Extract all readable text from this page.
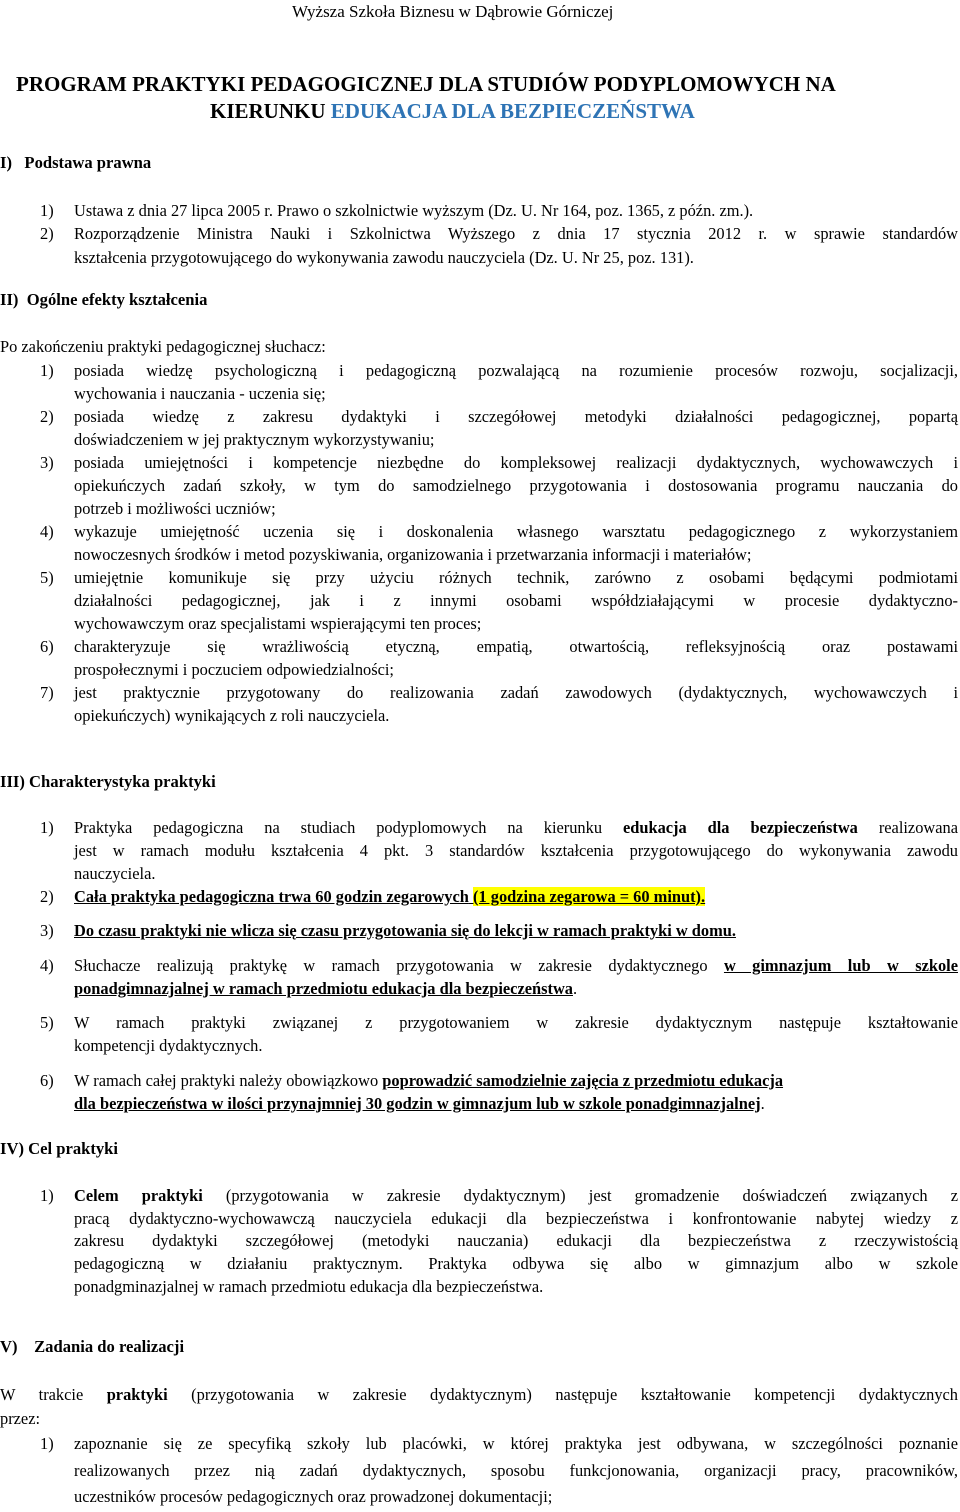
Wyższa Szkoła Biznesu w Dąbrowie Górniczej
PROGRAM PRAKTYKI PEDAGOGICZNEJ DLA STUDIÓW PODYPLOMOWYCH NA
KIERUNKU EDUKACJA DLA BEZPIECZEŃSTWA
I)   Podstawa prawna
1) Ustawa z dnia 27 lipca 2005 r. Prawo o szkolnictwie wyższym (Dz. U. Nr 164, poz. 1365, z późn. zm.).
2) Rozporządzenie Ministra Nauki i Szkolnictwa Wyższego z dnia 17 stycznia 2012 r. w sprawie standardów
kształcenia przygotowującego do wykonywania zawodu nauczyciela (Dz. U. Nr 25, poz. 131).
II)  Ogólne efekty kształcenia
Po zakończeniu praktyki pedagogicznej słuchacz:
1) posiada wiedzę psychologiczną i pedagogiczną pozwalającą na rozumienie procesów rozwoju, socjalizacji,
wychowania i nauczania - uczenia się;
2) posiada wiedzę z zakresu dydaktyki i szczegółowej metodyki działalności pedagogicznej, popartą
doświadczeniem w jej praktycznym wykorzystywaniu;
3) posiada umiejętności i kompetencje niezbędne do kompleksowej realizacji dydaktycznych, wychowawczych i
opiekuńczych zadań szkoły, w tym do samodzielnego przygotowania i dostosowania programu nauczania do
potrzeb i możliwości uczniów;
4) wykazuje umiejętność uczenia się i doskonalenia własnego warsztatu pedagogicznego z wykorzystaniem
nowoczesnych środków i metod pozyskiwania, organizowania i przetwarzania informacji i materiałów;
5) umiejętnie komunikuje się przy użyciu różnych technik, zarówno z osobami będącymi podmiotami
działalności pedagogicznej, jak i z innymi osobami współdziałającymi w procesie dydaktyczno-
wychowawczym oraz specjalistami wspierającymi ten proces;
6) charakteryzuje się wrażliwością etyczną, empatią, otwartością, refleksyjnością oraz postawami
prospołecznymi i poczuciem odpowiedzialności;
7) jest praktycznie przygotowany do realizowania zadań zawodowych (dydaktycznych, wychowawczych i
opiekuńczych) wynikających z roli nauczyciela.
III) Charakterystyka praktyki
1) Praktyka pedagogiczna na studiach podyplomowych na kierunku edukacja dla bezpieczeństwa realizowana
jest w ramach modułu kształcenia 4 pkt. 3 standardów kształcenia przygotowującego do wykonywania zawodu
nauczyciela.
2) Cała praktyka pedagogiczna trwa 60 godzin zegarowych (1 godzina zegarowa = 60 minut).
3) Do czasu praktyki nie wlicza się czasu przygotowania się do lekcji w ramach praktyki w domu.
4) Słuchacze realizują praktykę w ramach przygotowania w zakresie dydaktycznego w gimnazjum lub w szkole
ponadgimnazjalnej w ramach przedmiotu edukacja dla bezpieczeństwa.
5) W ramach praktyki związanej z przygotowaniem w zakresie dydaktycznym następuje kształtowanie
kompetencji dydaktycznych.
6) W ramach całej praktyki należy obowiązkowo poprowadzić samodzielnie zajęcia z przedmiotu edukacja
dla bezpieczeństwa w ilości przynajmniej 30 godzin w gimnazjum lub w szkole ponadgimnazjalnej.
IV) Cel praktyki
1) Celem praktyki (przygotowania w zakresie dydaktycznym) jest gromadzenie doświadczeń związanych z
pracą dydaktyczno-wychowawczą nauczyciela edukacji dla bezpieczeństwa i konfrontowanie nabytej wiedzy z
zakresu dydaktyki szczegółowej (metodyki nauczania) edukacji dla bezpieczeństwa z rzeczywistością
pedagogiczną w działaniu praktycznym. Praktyka odbywa się albo w gimnazjum albo w szkole
ponadgminazjalnej w ramach przedmiotu edukacja dla bezpieczeństwa.
V)    Zadania do realizacji
W trakcie praktyki (przygotowania w zakresie dydaktycznym) następuje kształtowanie kompetencji dydaktycznych
przez:
1) zapoznanie się ze specyfiką szkoły lub placówki, w której praktyka jest odbywana, w szczególności poznanie
realizowanych przez nią zadań dydaktycznych, sposobu funkcjonowania, organizacji pracy, pracowników,
uczestników procesów pedagogicznych oraz prowadzonej dokumentacji;
